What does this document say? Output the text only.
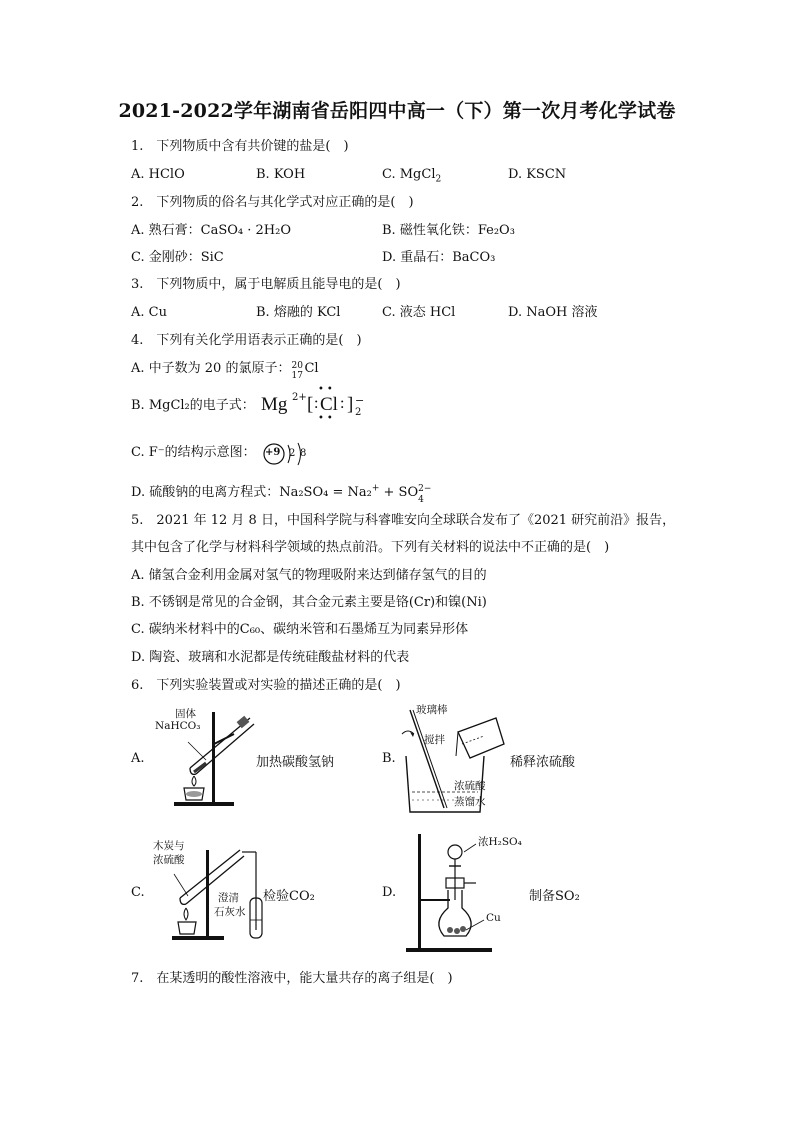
2021-2022学年湖南省岳阳四中高一（下）第一次月考化学试卷
1.　下列物质中含有共价键的盐是(　)
A. HClO	B. KOH	C. MgCl$_2$	D. KSCN
2.　下列物质的俗名与其化学式对应正确的是(　)
A. 熟石膏：CaSO₄ · 2H₂O	B. 磁性氧化铁：Fe₂O₃
C. 金刚砂：SiC	D. 重晶石：BaCO₃
3.　下列物质中，属于电解质且能导电的是(　)
A. Cu	B. 熔融的 KCl	C. 液态 HCl	D. NaOH 溶液
4.　下列有关化学用语表示正确的是(　)
A. 中子数为 20 的氯原子： 20
17 Cl
B. MgCl₂的电子式： Mg 2+ [
••
: Cl :
••
] −
2
C. F⁻的结构示意图： +9 2 8
D. 硫酸钠的电离方程式：Na₂SO₄ = Na₂+ + SO 2−
4
5.　2021 年 12 月 8 日，中国科学院与科睿唯安向全球联合发布了《2021 研究前沿》报告，
其中包含了化学与材料科学领域的热点前沿。下列有关材料的说法中不正确的是(　)
A. 储氢合金利用金属对氢气的物理吸附来达到储存氢气的目的
B. 不锈钢是常见的合金钢，其合金元素主要是铬(Cr)和镍(Ni)
C. 碳纳米材料中的C₆₀、碳纳米管和石墨烯互为同素异形体
D. 陶瓷、玻璃和水泥都是传统硅酸盐材料的代表
6.　下列实验装置或对实验的描述正确的是(　)
A.
固体
NaHCO₃
加热碳酸氢钠	B.
玻璃棒
搅拌
浓硫酸
蒸馏水
稀释浓硫酸
C.
木炭与
浓硫酸
澄清
石灰水
检验CO₂	D.
浓H₂SO₄
Cu
制备SO₂
7.　在某透明的酸性溶液中，能大量共存的离子组是(　)
